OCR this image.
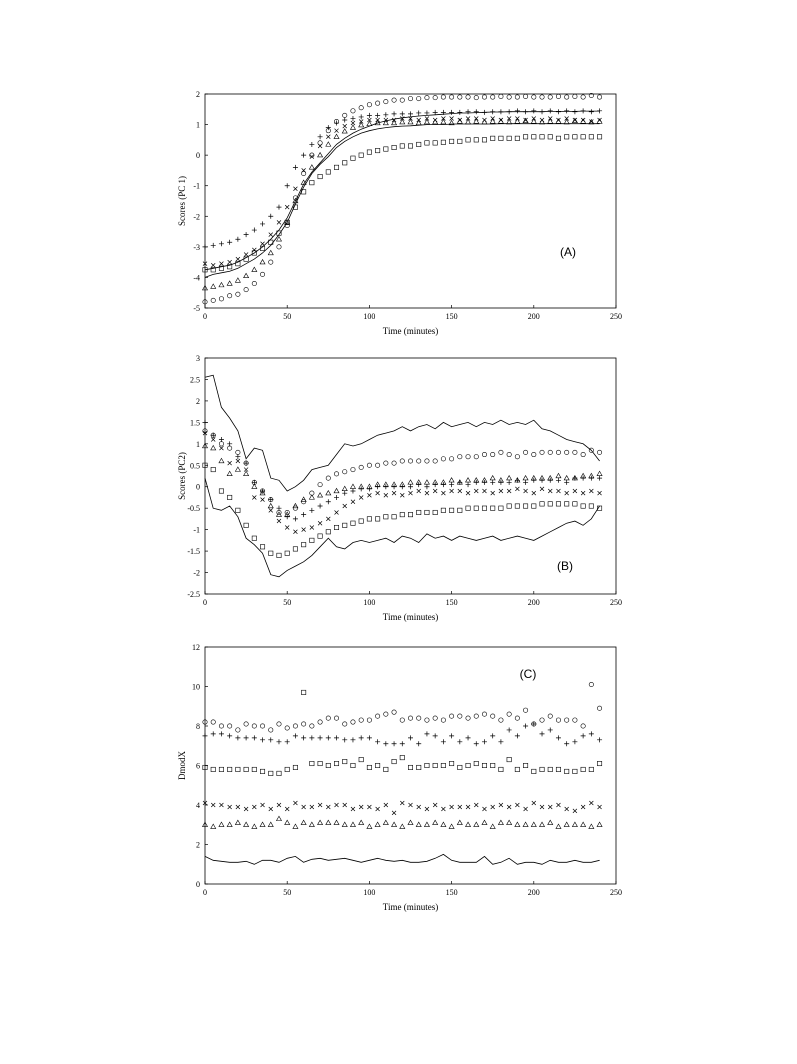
0	50	100	150	200	250
-5
-4
-3
-2
-1
0
1
2
Time (minutes)
Scores (PC 1)
(A)
0	50	100	150	200	250
-2.5
-2
-1.5
-1
-0.5
0
0.5
1
1.5
2
2.5
3
Time (minutes)
Scores (PC2)
(B)
0	50	100	150	200	250
0
2
4
6
8
10
12
Time (minutes)
DmodX
(C)
